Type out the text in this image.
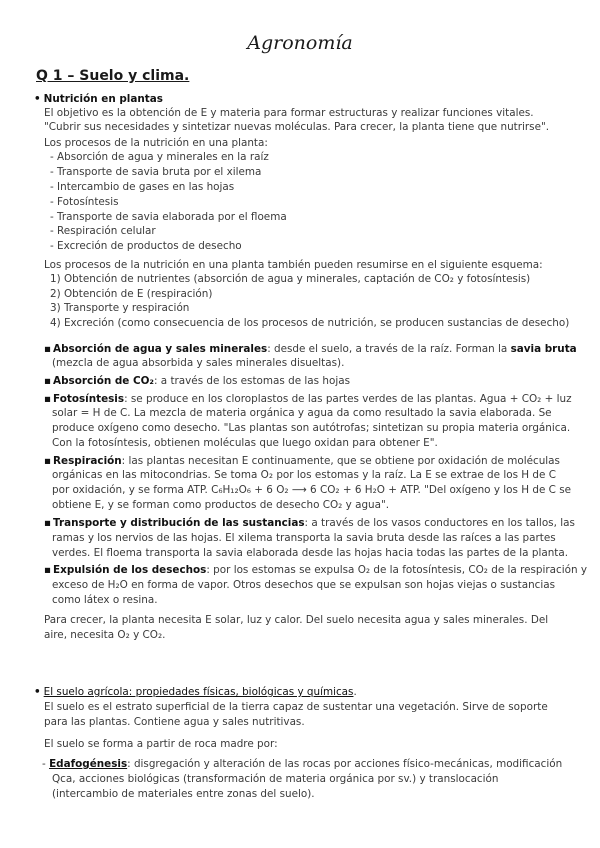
Agronomía
Q 1 – Suelo y clima.
• Nutrición en plantas
El objetivo es la obtención de E y materia para formar estructuras y realizar funciones vitales.
"Cubrir sus necesidades y sintetizar nuevas moléculas. Para crecer, la planta tiene que nutrirse".
Los procesos de la nutrición en una planta:
- Absorción de agua y minerales en la raíz
- Transporte de savia bruta por el xilema
- Intercambio de gases en las hojas
- Fotosíntesis
- Transporte de savia elaborada por el floema
- Respiración celular
- Excreción de productos de desecho
Los procesos de la nutrición en una planta también pueden resumirse en el siguiente esquema:
1) Obtención de nutrientes (absorción de agua y minerales, captación de CO₂ y fotosíntesis)
2) Obtención de E (respiración)
3) Transporte y respiración
4) Excreción (como consecuencia de los procesos de nutrición, se producen sustancias de desecho)
▪ Absorción de agua y sales minerales: desde el suelo, a través de la raíz. Forman la savia bruta
(mezcla de agua absorbida y sales minerales disueltas).
▪ Absorción de CO₂: a través de los estomas de las hojas
▪ Fotosíntesis: se produce en los cloroplastos de las partes verdes de las plantas. Agua + CO₂ + luz
solar = H de C. La mezcla de materia orgánica y agua da como resultado la savia elaborada. Se
produce oxígeno como desecho. "Las plantas son autótrofas; sintetizan su propia materia orgánica.
Con la fotosíntesis, obtienen moléculas que luego oxidan para obtener E".
▪ Respiración: las plantas necesitan E continuamente, que se obtiene por oxidación de moléculas
orgánicas en las mitocondrias. Se toma O₂ por los estomas y la raíz. La E se extrae de los H de C
por oxidación, y se forma ATP. C₆H₁₂O₆ + 6 O₂ ⟶ 6 CO₂ + 6 H₂O + ATP. "Del oxígeno y los H de C se
obtiene E, y se forman como productos de desecho CO₂ y agua".
▪ Transporte y distribución de las sustancias: a través de los vasos conductores en los tallos, las
ramas y los nervios de las hojas. El xilema transporta la savia bruta desde las raíces a las partes
verdes. El floema transporta la savia elaborada desde las hojas hacia todas las partes de la planta.
▪ Expulsión de los desechos: por los estomas se expulsa O₂ de la fotosíntesis, CO₂ de la respiración y
exceso de H₂O en forma de vapor. Otros desechos que se expulsan son hojas viejas o sustancias
como látex o resina.
Para crecer, la planta necesita E solar, luz y calor. Del suelo necesita agua y sales minerales. Del
aire, necesita O₂ y CO₂.
• El suelo agrícola: propiedades físicas, biológicas y químicas.
El suelo es el estrato superficial de la tierra capaz de sustentar una vegetación. Sirve de soporte
para las plantas. Contiene agua y sales nutritivas.
El suelo se forma a partir de roca madre por:
- Edafogénesis: disgregación y alteración de las rocas por acciones físico-mecánicas, modificación
Qca, acciones biológicas (transformación de materia orgánica por sv.) y translocación
(intercambio de materiales entre zonas del suelo).
